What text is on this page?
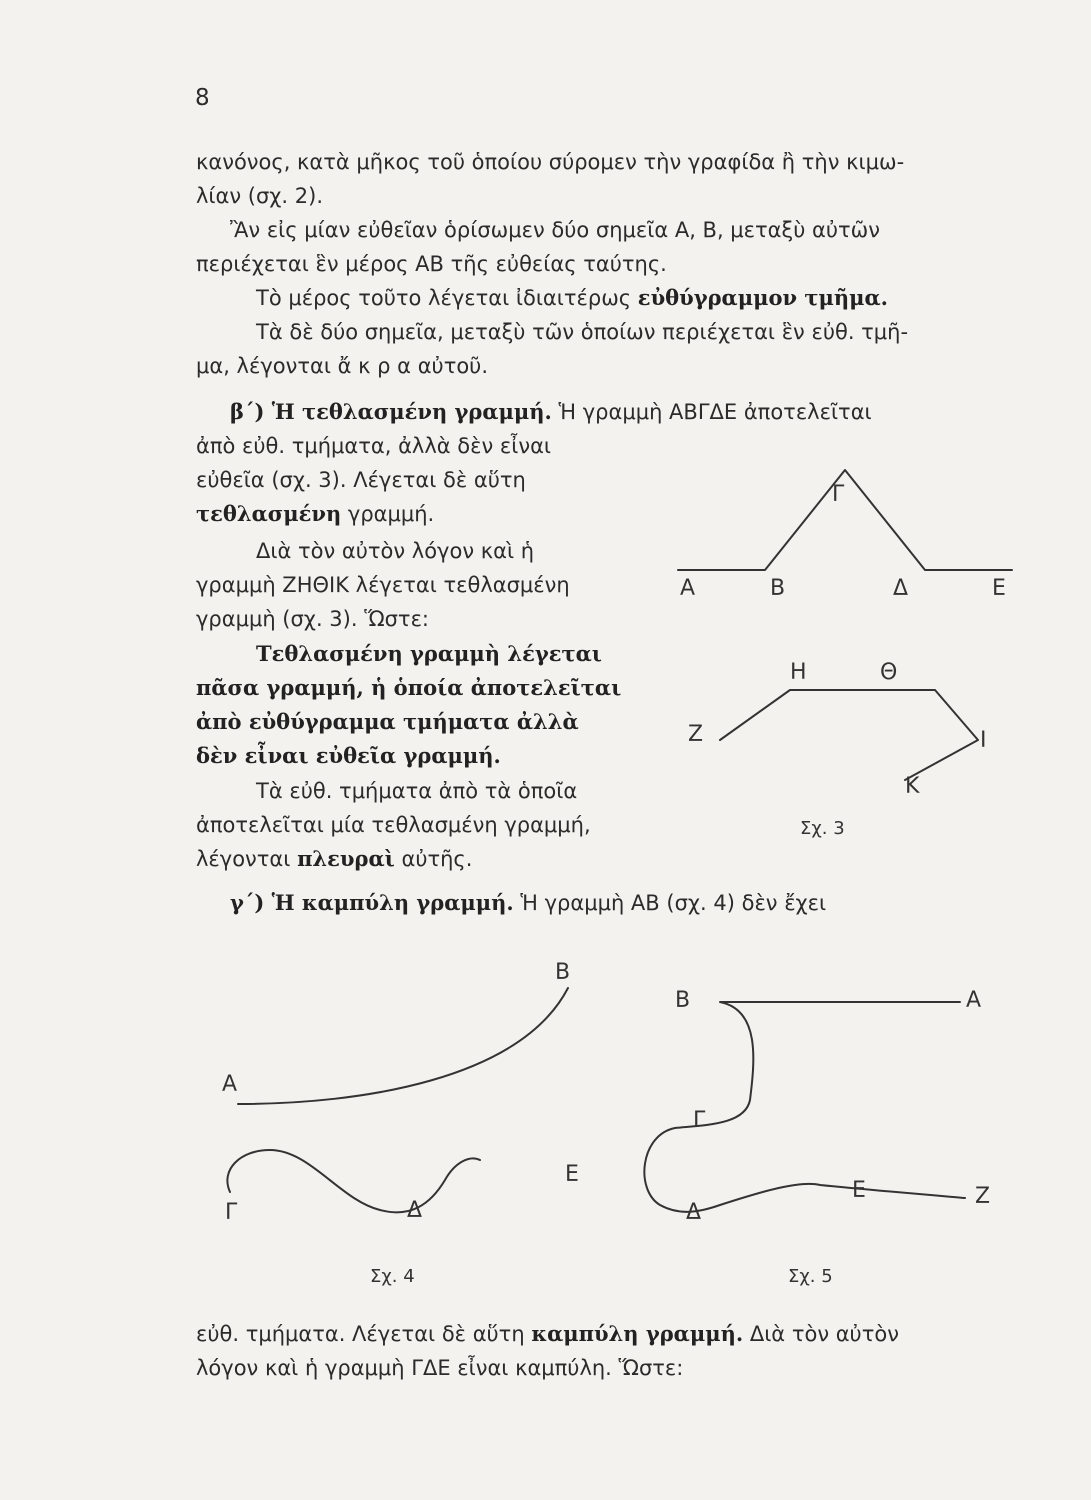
8
κανόνος, κατὰ μῆκος τοῦ ὁποίου σύρομεν τὴν γραφίδα ἢ τὴν κιμω-
λίαν (σχ. 2).
Ἂν εἰς μίαν εὐθεῖαν ὁρίσωμεν δύο σημεῖα Α, Β, μεταξὺ αὐτῶν
περιέχεται ἓν μέρος ΑΒ τῆς εὐθείας ταύτης.
Τὸ μέρος τοῦτο λέγεται ἰδιαιτέρως εὐθύγραμμον τμῆμα.
Τὰ δὲ δύο σημεῖα, μεταξὺ τῶν ὁποίων περιέχεται ἓν εὐθ. τμῆ-
μα, λέγονται ἄ κ ρ α αὐτοῦ.
β΄) Ἡ τεθλασμένη γραμμή. Ἡ γραμμὴ ΑΒΓΔΕ ἀποτελεῖται
ἀπὸ εὐθ. τμήματα, ἀλλὰ δὲν εἶναι
εὐθεῖα (σχ. 3). Λέγεται δὲ αὕτη
τεθλασμένη γραμμή.
Διὰ τὸν αὐτὸν λόγον καὶ ἡ
γραμμὴ ΖΗΘΙΚ λέγεται τεθλασμένη
γραμμὴ (σχ. 3). Ὥστε:
Τεθλασμένη γραμμὴ λέγεται
πᾶσα γραμμή, ἡ ὁποία ἀποτελεῖται
ἀπὸ εὐθύγραμμα τμήματα ἀλλὰ
δὲν εἶναι εὐθεῖα γραμμή.
Τὰ εὐθ. τμήματα ἀπὸ τὰ ὁποῖα
ἀποτελεῖται μία τεθλασμένη γραμμή,
λέγονται πλευραὶ αὐτῆς.
γ΄) Ἡ καμπύλη γραμμή. Ἡ γραμμὴ ΑΒ (σχ. 4) δὲν ἔχει
εὐθ. τμήματα. Λέγεται δὲ αὕτη καμπύλη γραμμή. Διὰ τὸν αὐτὸν
λόγον καὶ ἡ γραμμὴ ΓΔΕ εἶναι καμπύλη. Ὥστε:
Γ
Α	Β	Δ	Ε
Η	Θ
Ζ	Ι
Κ
Σχ. 3
Β
Α
Ε
Γ	Δ
Σχ. 4
Β	Α
Γ
Ε	Ζ
Δ
Σχ. 5
